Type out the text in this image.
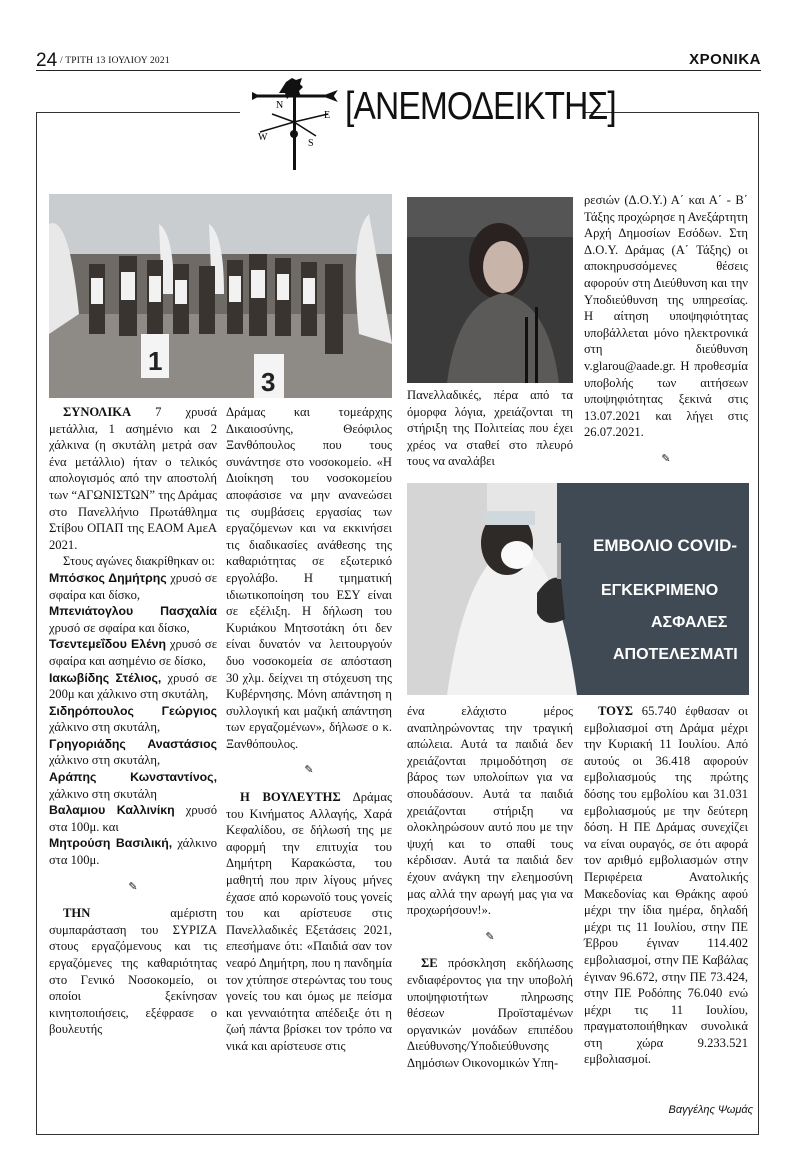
24 / ΤΡΙΤΗ 13 ΙΟΥΛΙΟΥ 2021	ΧΡΟΝΙΚΑ
N
E
S
W
[ΑΝΕΜΟΔΕΙΚΤΗΣ]
1
3
ΕΜΒΟΛΙΟ COVID-
ΕΓΚΕΚΡΙΜΕΝΟ
ΑΣΦΑΛΕΣ
ΑΠΟΤΕΛΕΣΜΑΤΙ

ΣΥΝΟΛΙΚΑ 7 χρυσά μετάλλια, 1 ασημένιο και 2 χάλκινα (η σκυτάλη μετρά σαν ένα μετάλλιο) ήταν ο τελικός απολογισμός από την αποστολή των “ΑΓΩΝΙΣΤΩΝ” της Δράμας στο Πανελλήνιο Πρωτάθλημα Στίβου ΟΠΑΠ της ΕΑΟΜ ΑμεΑ 2021.

Στους αγώνες διακρίθηκαν οι:

Μπόσκος Δημήτρης χρυσό σε σφαίρα και δίσκο,

Μπενιάτογλου Πασχαλία χρυσό σε σφαίρα και δίσκο,

Τσεντεμεΐδου Ελένη χρυσό σε σφαίρα και ασημένιο σε δίσκο,

Ιακωβίδης Στέλιος, χρυσό σε 200μ και χάλκινο στη σκυτάλη,

Σιδηρόπουλος Γεώργιος χάλκινο στη σκυτάλη,

Γρηγοριάδης Αναστάσιος χάλκινο στη σκυτάλη,

Αράπης Κωνσταντίνος, χάλκινο στη σκυτάλη

Βαλαμιου Καλλινίκη χρυσό στα 100μ. και

Μητρούση Βασιλική, χάλκινο στα 100μ.

✎

ΤΗΝ αμέριστη συμπαράσταση του ΣΥΡΙΖΑ στους εργαζόμενους και τις εργαζόμενες της καθαριότητας στο Γενικό Νοσοκομείο, οι οποίοι ξεκίνησαν κινητοποιήσεις, εξέφρασε ο βουλευτής

Δράμας και τομεάρχης Δικαιοσύνης, Θεόφιλος Ξανθόπουλος που τους συνάντησε στο νοσοκομείο. «Η Διοίκηση του νοσοκομείου αποφάσισε να μην ανανεώσει τις συμβάσεις εργασίας των εργαζόμενων και να εκκινήσει τις διαδικασίες ανάθεσης της καθαριότητας σε εξωτερικό εργολάβο. Η τμηματική ιδιωτικοποίηση του ΕΣΥ είναι σε εξέλιξη. Η δήλωση του Κυριάκου Μητσοτάκη ότι δεν είναι δυνατόν να λειτουργούν δυο νοσοκομεία σε απόσταση 30 χλμ. δείχνει τη στόχευση της Κυβέρνησης. Μόνη απάντηση η συλλογική και μαζική απάντηση των εργαζομένων», δήλωσε ο κ. Ξανθόπουλος.

✎

Η ΒΟΥΛΕΥΤΗΣ Δράμας του Κινήματος Αλλαγής, Χαρά Κεφαλίδου, σε δήλωσή της με αφορμή την επιτυχία του Δημήτρη Καρακώστα, του μαθητή που πριν λίγους μήνες έχασε από κορωνοϊό τους γονείς του και αρίστευσε στις Πανελλαδικές Εξετάσεις 2021, επεσήμανε ότι: «Παιδιά σαν τον νεαρό Δημήτρη, που η πανδημία τον χτύπησε στερώντας του τους γονείς του και όμως με πείσμα και γενναιότητα απέδειξε ότι η ζωή πάντα βρίσκει τον τρόπο να νικά και αρίστευσε στις

Πανελλαδικές, πέρα από τα όμορφα λόγια, χρειάζονται τη στήριξη της Πολιτείας που έχει χρέος να σταθεί στο πλευρό τους να αναλάβει

ένα ελάχιστο μέρος αναπληρώνοντας την τραγική απώλεια. Αυτά τα παιδιά δεν χρειάζονται πριμοδότηση σε βάρος των υπολοίπων για να σπουδάσουν. Αυτά τα παιδιά χρειάζονται στήριξη να ολοκληρώσουν αυτό που με την ψυχή και το σπαθί τους κέρδισαν. Αυτά τα παιδιά δεν έχουν ανάγκη την ελεημοσύνη μας αλλά την αρωγή μας για να προχωρήσουν!».

✎

ΣΕ πρόσκληση εκδήλωσης ενδιαφέροντος για την υποβολή υποψηφιοτήτων πληρωσης θέσεων Προϊσταμένων οργανικών μονάδων επιπέδου Διεύθυνσης/Υποδιεύθυνσης Δημόσιων Οικονομικών Υπη-

ρεσιών (Δ.Ο.Υ.) Α΄ και Α΄ - Β΄ Τάξης προχώρησε η Ανεξάρτητη Αρχή Δημοσίων Εσόδων. Στη Δ.Ο.Υ. Δράμας (Α΄ Τάξης) οι αποκηρυσσόμενες θέσεις αφορούν στη Διεύθυνση και την Υποδιεύθυνση της υπηρεσίας. Η αίτηση υποψηφιότητας υποβάλλεται μόνο ηλεκτρονικά στη διεύθυνση v.glarou@aade.gr. Η προθεσμία υποβολής των αιτήσεων υποψηφιότητας ξεκινά στις 13.07.2021 και λήγει στις 26.07.2021.

✎

ΤΟΥΣ 65.740 έφθασαν οι εμβολιασμοί στη Δράμα μέχρι την Κυριακή 11 Ιουλίου. Από αυτούς οι 36.418 αφορούν εμβολιασμούς της πρώτης δόσης του εμβολίου και 31.031 εμβολιασμούς με την δεύτερη δόση. Η ΠΕ Δράμας συνεχίζει να είναι ουραγός, σε ότι αφορά τον αριθμό εμβολιασμών στην Περιφέρεια Ανατολικής Μακεδονίας και Θράκης αφού μέχρι την ίδια ημέρα, δηλαδή μέχρι τις 11 Ιουλίου, στην ΠΕ Έβρου έγιναν 114.402 εμβολιασμοί, στην ΠΕ Καβάλας έγιναν 96.672, στην ΠΕ 73.424, στην ΠΕ Ροδόπης 76.040 ενώ μέχρι τις 11 Ιουλίου, πραγματοποιήθηκαν συνολικά στη χώρα 9.233.521 εμβολιασμοί.

Βαγγέλης Ψωμάς
